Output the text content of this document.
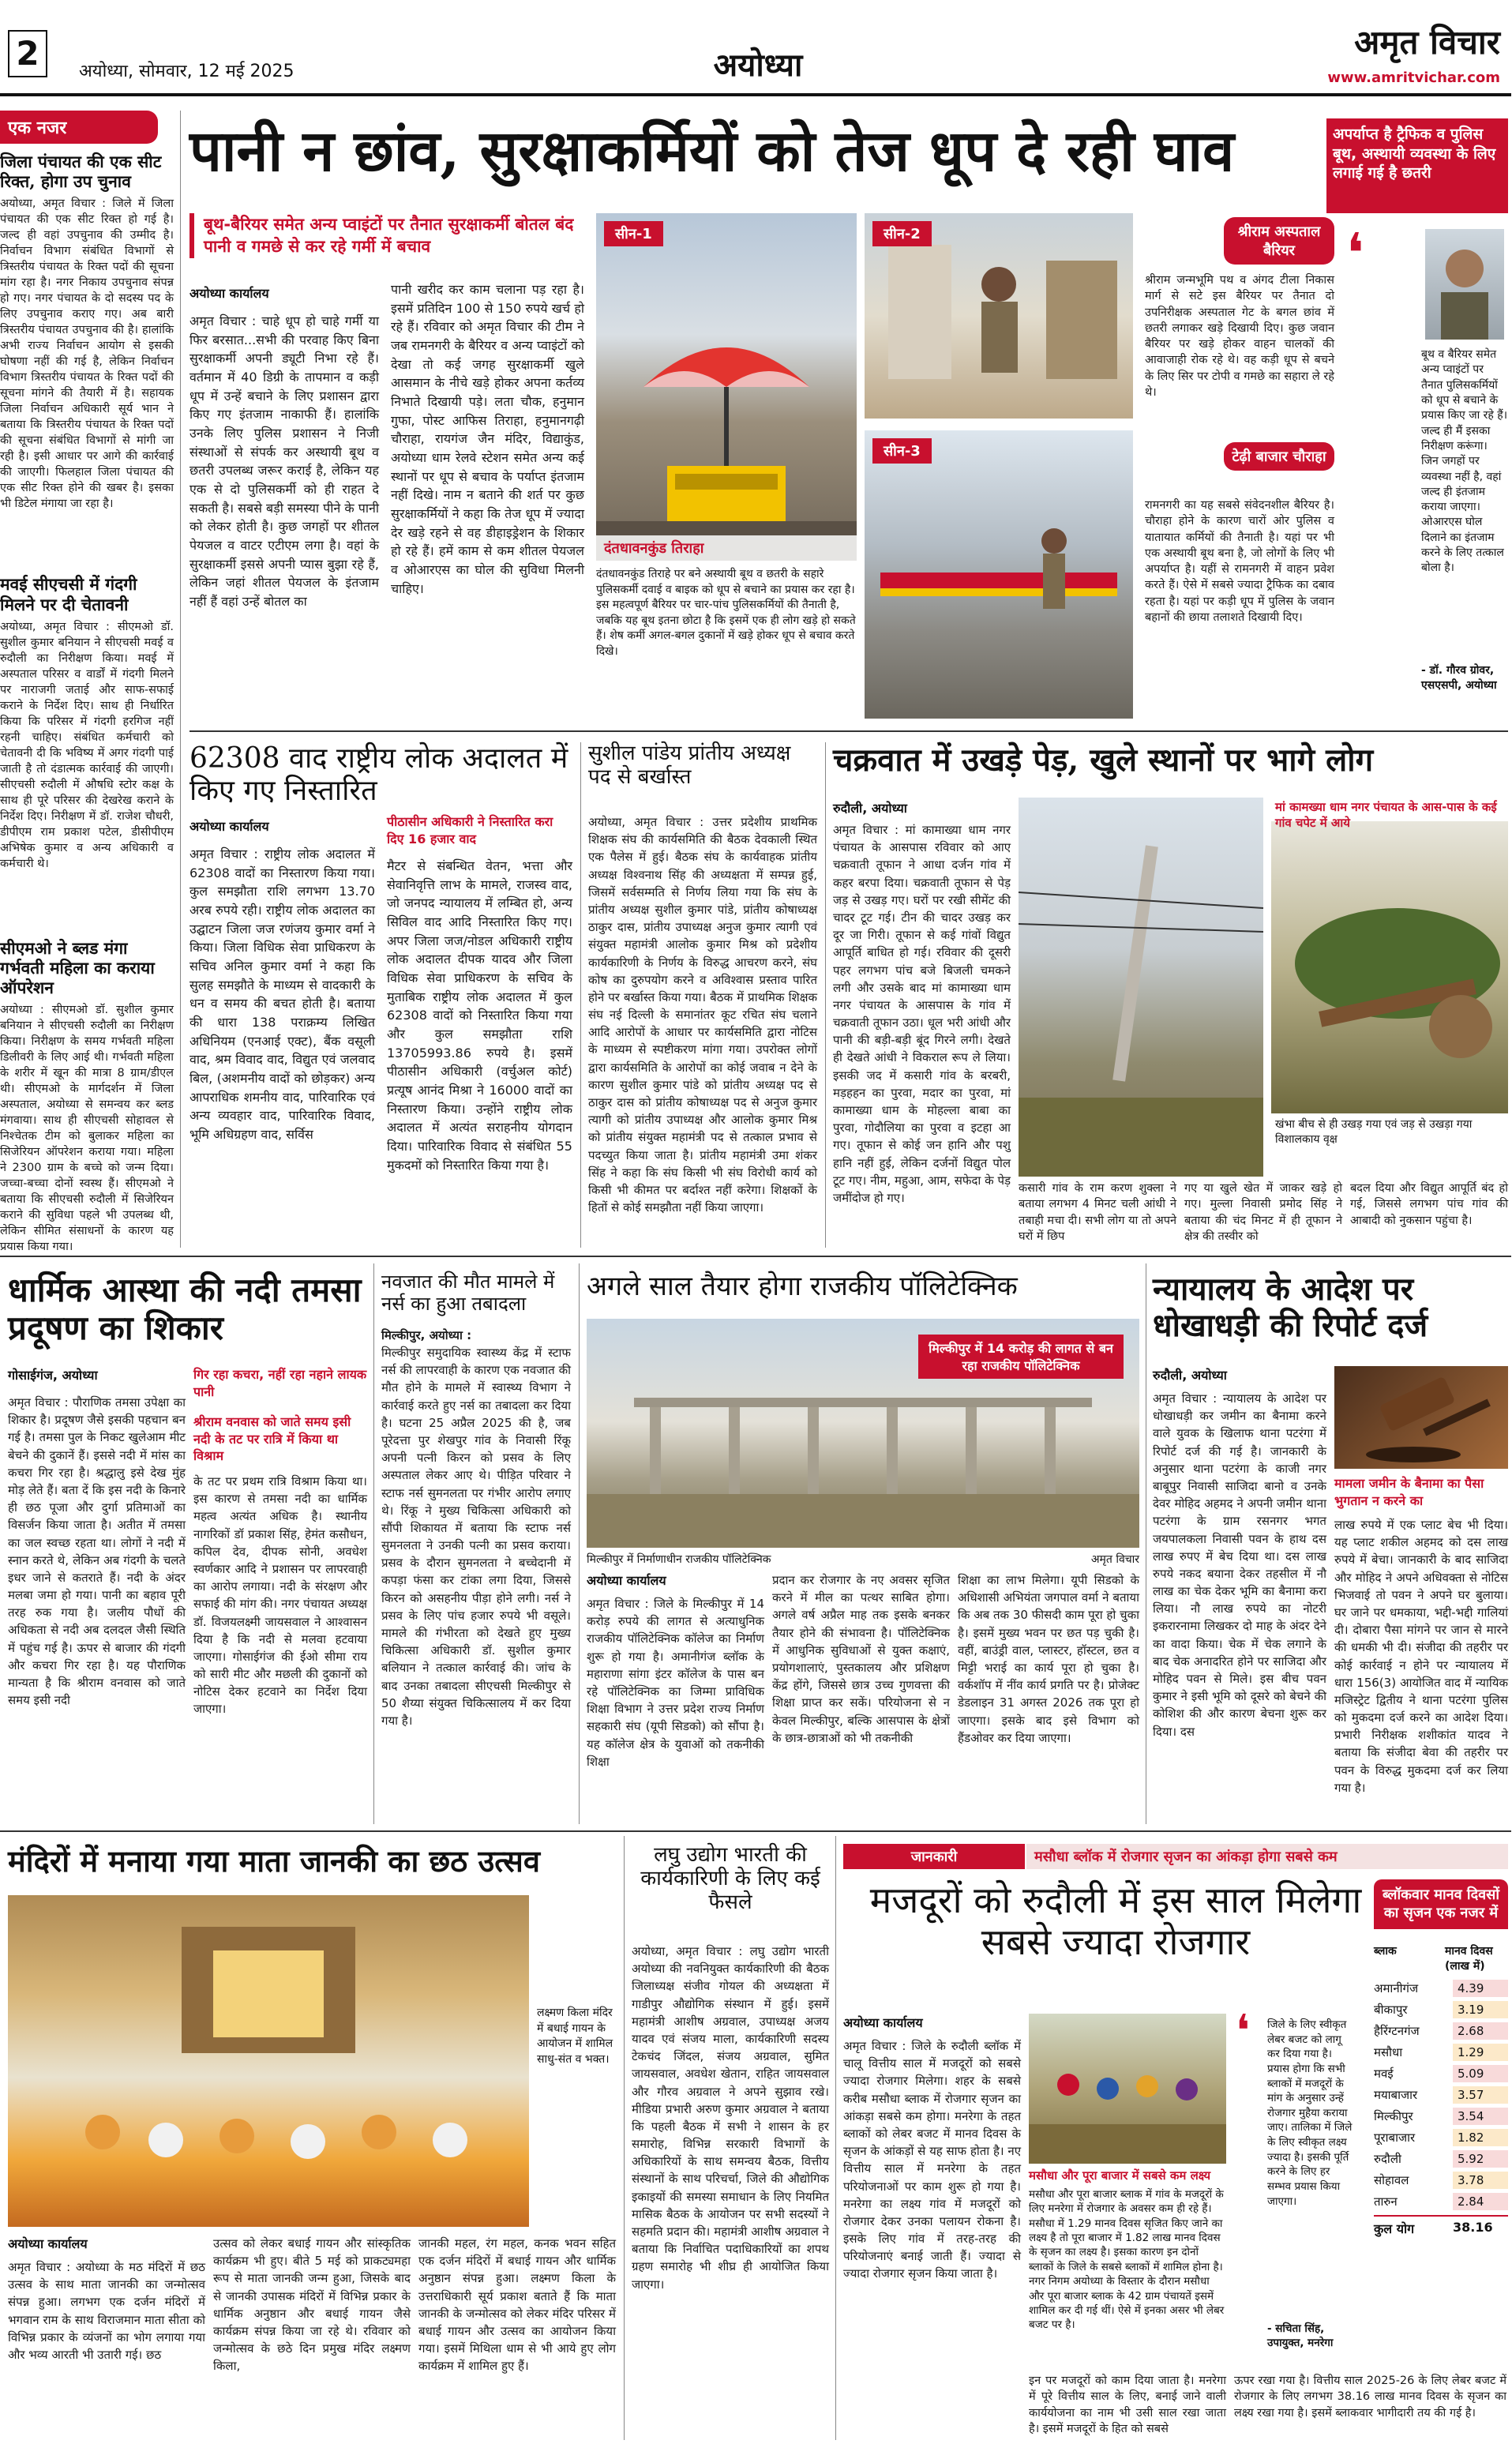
2	अयोध्या, सोमवार, 12 मई 2025	अयोध्या
अमृत विचार
www.amritvichar.com
एक नजर
जिला पंचायत की एक सीट रिक्त, होगा उप चुनाव
अयोध्या, अमृत विचार : जिले में जिला पंचायत की एक सीट रिक्त हो गई है। जल्द ही वहां उपचुनाव की उम्मीद है। निर्वाचन विभाग संबंधित विभागों से त्रिस्तरीय पंचायत के रिक्त पदों की सूचना मांग रहा है। नगर निकाय उपचुनाव संपन्न हो गए। नगर पंचायत के दो सदस्य पद के लिए उपचुनाव कराए गए। अब बारी त्रिस्तरीय पंचायत उपचुनाव की है। हालांकि अभी राज्य निर्वाचन आयोग से इसकी घोषणा नहीं की गई है, लेकिन निर्वाचन विभाग त्रिस्तरीय पंचायत के रिक्त पदों की सूचना मांगने की तैयारी में है। सहायक जिला निर्वाचन अधिकारी सूर्य भान ने बताया कि त्रिस्तरीय पंचायत के रिक्त पदों की सूचना संबंधित विभागों से मांगी जा रही है। इसी आधार पर आगे की कार्रवाई की जाएगी। फिलहाल जिला पंचायत की एक सीट रिक्त होने की खबर है। इसका भी डिटेल मंगाया जा रहा है।
मवई सीएचसी में गंदगी मिलने पर दी चेतावनी
अयोध्या, अमृत विचार : सीएमओ डॉ. सुशील कुमार बनियान ने सीएचसी मवई व रुदौली का निरीक्षण किया। मवई में अस्पताल परिसर व वार्डों में गंदगी मिलने पर नाराजगी जताई और साफ-सफाई कराने के निर्देश दिए। साथ ही निर्धारित किया कि परिसर में गंदगी हरगिज नहीं रहनी चाहिए। संबंधित कर्मचारी को चेतावनी दी कि भविष्य में अगर गंदगी पाई जाती है तो दंडात्मक कार्रवाई की जाएगी। सीएचसी रुदौली में औषधि स्टोर कक्ष के साथ ही पूरे परिसर की देखरेख कराने के निर्देश दिए। निरीक्षण में डॉ. राजेश चौधरी, डीपीएम राम प्रकाश पटेल, डीसीपीएम अभिषेक कुमार व अन्य अधिकारी व कर्मचारी थे।
सीएमओ ने ब्लड मंगा गर्भवती महिला का कराया ऑपरेशन
अयोध्या : सीएमओ डॉ. सुशील कुमार बनियान ने सीएचसी रुदौली का निरीक्षण किया। निरीक्षण के समय गर्भवती महिला डिलीवरी के लिए आई थी। गर्भवती महिला के शरीर में खून की मात्रा 8 ग्राम/डीएल थी। सीएमओ के मार्गदर्शन में जिला अस्पताल, अयोध्या से समन्वय कर ब्लड मंगवाया। साथ ही सीएचसी सोहावल से निश्चेतक टीम को बुलाकर महिला का सिजेरियन ऑपरेशन कराया गया। महिला ने 2300 ग्राम के बच्चे को जन्म दिया। जच्चा-बच्चा दोनों स्वस्थ हैं। सीएमओ ने बताया कि सीएचसी रुदौली में सिजेरियन कराने की सुविधा पहले भी उपलब्ध थी, लेकिन सीमित संसाधनों के कारण यह प्रयास किया गया।
पानी न छांव, सुरक्षाकर्मियों को तेज धूप दे रही घाव	अपर्याप्त है ट्रैफिक व पुलिस बूथ, अस्थायी व्यवस्था के लिए लगाई गई है छतरी
बूथ-बैरियर समेत अन्य प्वाइंटों पर तैनात सुरक्षाकर्मी बोतल बंद पानी व गमछे से कर रहे गर्मी में बचाव
अयोध्या कार्यालय
अमृत विचार : चाहे धूप हो चाहे गर्मी या फिर बरसात...सभी की परवाह किए बिना सुरक्षाकर्मी अपनी ड्यूटी निभा रहे हैं। वर्तमान में 40 डिग्री के तापमान व कड़ी धूप में उन्हें बचाने के लिए प्रशासन द्वारा किए गए इंतजाम नाकाफी हैं। हालांकि उनके लिए पुलिस प्रशासन ने निजी संस्थाओं से संपर्क कर अस्थायी बूथ व छतरी उपलब्ध जरूर कराई है, लेकिन यह एक से दो पुलिसकर्मी को ही राहत दे सकती है। सबसे बड़ी समस्या पीने के पानी को लेकर होती है। कुछ जगहों पर शीतल पेयजल व वाटर एटीएम लगा है। वहां के सुरक्षाकर्मी इससे अपनी प्यास बुझा रहे हैं, लेकिन जहां शीतल पेयजल के इंतजाम नहीं हैं वहां उन्हें बोतल का
पानी खरीद कर काम चलाना पड़ रहा है। इसमें प्रतिदिन 100 से 150 रुपये खर्च हो रहे हैं। रविवार को अमृत विचार की टीम ने जब रामनगरी के बैरियर व अन्य प्वाइंटों को देखा तो कई जगह सुरक्षाकर्मी खुले आसमान के नीचे खड़े होकर अपना कर्तव्य निभाते दिखायी पड़े। लता चौक, हनुमान गुफा, पोस्ट आफिस तिराहा, हनुमानगढ़ी चौराहा, रायगंज जैन मंदिर, विद्याकुंड, अयोध्या धाम रेलवे स्टेशन समेत अन्य कई स्थानों पर धूप से बचाव के पर्याप्त इंतजाम नहीं दिखे। नाम न बताने की शर्त पर कुछ सुरक्षाकर्मियों ने कहा कि तेज धूप में ज्यादा देर खड़े रहने से वह डीहाइड्रेशन के शिकार हो रहे हैं। हमें काम से कम शीतल पेयजल व ओआरएस का घोल की सुविधा मिलनी चाहिए।
सीन-1
दंतधावनकुंड तिराहा
सीन-2
सीन-3
दंतधावनकुंड तिराहे पर बने अस्थायी बूथ व छतरी के सहारे पुलिसकर्मी दवाई व बाइक को धूप से बचाने का प्रयास कर रहा है। इस महत्वपूर्ण बैरियर पर चार-पांच पुलिसकर्मियों की तैनाती है, जबकि यह बूथ इतना छोटा है कि इसमें एक ही लोग खड़े हो सकते हैं। शेष कर्मी अगल-बगल दुकानों में खड़े होकर धूप से बचाव करते दिखे।
श्रीराम अस्पताल बैरियर
श्रीराम जन्मभूमि पथ व अंगद टीला निकास मार्ग से सटे इस बैरियर पर तैनात दो उपनिरीक्षक अस्पताल गेट के बगल छांव में छतरी लगाकर खड़े दिखायी दिए। कुछ जवान बैरियर पर खड़े होकर वाहन चालकों की आवाजाही रोक रहे थे। वह कड़ी धूप से बचने के लिए सिर पर टोपी व गमछे का सहारा ले रहे थे।
टेढ़ी बाजार चौराहा
रामनगरी का यह सबसे संवेदनशील बैरियर है। चौराहा होने के कारण चारों ओर पुलिस व यातायात कर्मियों की तैनाती है। यहां पर भी एक अस्थायी बूथ बना है, जो लोगों के लिए भी अपर्याप्त है। यहीं से रामनगरी में वाहन प्रवेश करते हैं। ऐसे में सबसे ज्यादा ट्रैफिक का दबाव रहता है। यहां पर कड़ी धूप में पुलिस के जवान बहानों की छाया तलाशते दिखायी दिए।
❛
बूथ व बैरियर समेत अन्य प्वाइंटों पर तैनात पुलिसकर्मियों को धूप से बचाने के प्रयास किए जा रहे हैं। जल्द ही मैं इसका निरीक्षण करूंगा। जिन जगहों पर व्यवस्था नहीं है, वहां जल्द ही इंतजाम कराया जाएगा। ओआरएस घोल दिलाने का इंतजाम करने के लिए तत्काल बोला है।
- डॉ. गौरव ग्रोवर, एसएसपी, अयोध्या
62308 वाद राष्ट्रीय लोक अदालत में किए गए निस्तारित
अयोध्या कार्यालय	पीठासीन अधिकारी ने निस्तारित करा दिए 16 हजार वाद
अमृत विचार : राष्ट्रीय लोक अदालत में 62308 वादों का निस्तारण किया गया। कुल समझौता राशि लगभग 13.70 अरब रुपये रही। राष्ट्रीय लोक अदालत का उद्घाटन जिला जज रणंजय कुमार वर्मा ने किया। जिला विधिक सेवा प्राधिकरण के सचिव अनिल कुमार वर्मा ने कहा कि सुलह समझौते के माध्यम से वादकारी के धन व समय की बचत होती है। बताया की धारा 138 पराक्रम्य लिखित अधिनियम (एनआई एक्ट), बैंक वसूली वाद, श्रम विवाद वाद, विद्युत एवं जलवाद बिल, (अशमनीय वादों को छोड़कर) अन्य आपराधिक शमनीय वाद, पारिवारिक एवं अन्य व्यवहार वाद, पारिवारिक विवाद, भूमि अधिग्रहण वाद, सर्विस
मैटर से संबन्धित वेतन, भत्ता और सेवानिवृत्ति लाभ के मामले, राजस्व वाद, जो जनपद न्यायालय में लम्बित हो, अन्य सिविल वाद आदि निस्तारित किए गए। अपर जिला जज/नोडल अधिकारी राष्ट्रीय लोक अदालत दीपक यादव और जिला विधिक सेवा प्राधिकरण के सचिव के मुताबिक राष्ट्रीय लोक अदालत में कुल 62308 वादों को निस्तारित किया गया और कुल समझौता राशि 13705993.86 रुपये है। इसमें पीठासीन अधिकारी (वर्चुअल कोर्ट) प्रत्यूष आनंद मिश्रा ने 16000 वादों का निस्तारण किया। उन्होंने राष्ट्रीय लोक अदालत में अत्यंत सराहनीय योगदान दिया। पारिवारिक विवाद से संबंधित 55 मुकदमों को निस्तारित किया गया है।
सुशील पांडेय प्रांतीय अध्यक्ष पद से बर्खास्त
अयोध्या, अमृत विचार : उत्तर प्रदेशीय प्राथमिक शिक्षक संघ की कार्यसमिति की बैठक देवकाली स्थित एक पैलेस में हुई। बैठक संघ के कार्यवाहक प्रांतीय अध्यक्ष विश्वनाथ सिंह की अध्यक्षता में सम्पन्न हुई, जिसमें सर्वसम्मति से निर्णय लिया गया कि संघ के प्रांतीय अध्यक्ष सुशील कुमार पांडे, प्रांतीय कोषाध्यक्ष ठाकुर दास, प्रांतीय उपाध्यक्ष अनुज कुमार त्यागी एवं संयुक्त महामंत्री आलोक कुमार मिश्र को प्रदेशीय कार्यकारिणी के निर्णय के विरुद्ध आचरण करने, संघ कोष का दुरुपयोग करने व अविश्वास प्रस्ताव पारित होने पर बर्खास्त किया गया। बैठक में प्राथमिक शिक्षक संघ नई दिल्ली के समानांतर कूट रचित संघ चलाने आदि आरोपों के आधार पर कार्यसमिति द्वारा नोटिस के माध्यम से स्पष्टीकरण मांगा गया। उपरोक्त लोगों द्वारा कार्यसमिति के आरोपों का कोई जवाब न देने के कारण सुशील कुमार पांडे को प्रांतीय अध्यक्ष पद से ठाकुर दास को प्रांतीय कोषाध्यक्ष पद से अनुज कुमार त्यागी को प्रांतीय उपाध्यक्ष और आलोक कुमार मिश्र को प्रांतीय संयुक्त महामंत्री पद से तत्काल प्रभाव से पदच्युत किया जाता है। प्रांतीय महामंत्री उमा शंकर सिंह ने कहा कि संघ किसी भी संघ विरोधी कार्य को किसी भी कीमत पर बर्दाश्त नहीं करेगा। शिक्षकों के हितों से कोई समझौता नहीं किया जाएगा।
चक्रवात में उखड़े पेड़, खुले स्थानों पर भागे लोग
रुदौली, अयोध्या
अमृत विचार : मां कामाख्या धाम नगर पंचायत के आसपास रविवार को आए चक्रवाती तूफान ने आधा दर्जन गांव में कहर बरपा दिया। चक्रवाती तूफान से पेड़ जड़ से उखड़ गए। घरों पर रखी सीमेंट की चादर टूट गई। टीन की चादर उखड़ कर दूर जा गिरी। तूफान से कई गांवों विद्युत आपूर्ति बाधित हो गई। रविवार की दूसरी पहर लगभग पांच बजे बिजली चमकने लगी और उसके बाद मां कामाख्या धाम नगर पंचायत के आसपास के गांव में चक्रवाती तूफान उठा। धूल भरी आंधी और पानी की बड़ी-बड़ी बूंद गिरने लगी। देखते ही देखते आंधी ने विकराल रूप ले लिया। इसकी जद में कसारी गांव के बरबरी, मड़हहन का पुरवा, मदार का पुरवा, मां कामाख्या धाम के मोहल्ला बाबा का पुरवा, गोदौलिया का पुरवा व इटहा आ गए। तूफान से कोई जन हानि और पशु हानि नहीं हुई, लेकिन दर्जनों विद्युत पोल टूट गए। नीम, महुआ, आम, सफेदा के पेड़ जमींदोज हो गए।
मां कामख्या धाम नगर पंचायत के आस-पास के कई गांव चपेट में आये
खंभा बीच से ही उखड़ गया एवं जड़ से उखड़ा गया विशालकाय वृक्ष
कसारी गांव के राम करण शुक्ला ने बताया लगभग 4 मिनट चली आंधी ने तबाही मचा दी। सभी लोग या तो अपने घरों में छिप
गए या खुले खेत में जाकर खड़े हो गए। मुल्ला निवासी प्रमोद सिंह ने बताया की चंद मिनट में ही तूफान ने क्षेत्र की तस्वीर को
बदल दिया और विद्युत आपूर्ति बंद हो गई, जिससे लगभग पांच गांव की आबादी को नुकसान पहुंचा है।
धार्मिक आस्था की नदी तमसा प्रदूषण का शिकार
गोसाईगंज, अयोध्या	गिर रहा कचरा, नहीं रहा नहाने लायक पानी
श्रीराम वनवास को जाते समय इसी नदी के तट पर रात्रि में किया था विश्राम
अमृत विचार : पौराणिक तमसा उपेक्षा का शिकार है। प्रदूषण जैसे इसकी पहचान बन गई है। तमसा पुल के निकट खुलेआम मीट बेचने की दुकानें हैं। इससे नदी में मांस का कचरा गिर रहा है। श्रद्धालु इसे देख मुंह मोड़ लेते हैं। बता दें कि इस नदी के किनारे ही छठ पूजा और दुर्गा प्रतिमाओं का विसर्जन किया जाता है। अतीत में तमसा का जल स्वच्छ रहता था। लोगों ने नदी में स्नान करते थे, लेकिन अब गंदगी के चलते इधर जाने से कतराते हैं। नदी के अंदर मलबा जमा हो गया। पानी का बहाव पूरी तरह रुक गया है। जलीय पौधों की अधिकता से नदी अब दलदल जैसी स्थिति में पहुंच गई है। ऊपर से बाजार की गंदगी और कचरा गिर रहा है। यह पौराणिक मान्यता है कि श्रीराम वनवास को जाते समय इसी नदी
के तट पर प्रथम रात्रि विश्राम किया था। इस कारण से तमसा नदी का धार्मिक महत्व अत्यंत अधिक है। स्थानीय नागरिकों डॉ प्रकाश सिंह, हेमंत कसौधन, कपिल देव, दीपक सोनी, अवधेश स्वर्णकार आदि ने प्रशासन पर लापरवाही का आरोप लगाया। नदी के संरक्षण और सफाई की मांग की। नगर पंचायत अध्यक्ष डॉ. विजयलक्ष्मी जायसवाल ने आश्वासन दिया है कि नदी से मलवा हटवाया जाएगा। गोसाईगंज की ईओ सीमा राय को सारी मीट और मछली की दुकानों को नोटिस देकर हटवाने का निर्देश दिया जाएगा।
नवजात की मौत मामले में नर्स का हुआ तबादला
मिल्कीपुर, अयोध्या :
मिल्कीपुर समुदायिक स्वास्थ्य केंद्र में स्टाफ नर्स की लापरवाही के कारण एक नवजात की मौत होने के मामले में स्वास्थ्य विभाग ने कार्रवाई करते हुए नर्स का तबादला कर दिया है। घटना 25 अप्रैल 2025 की है, जब पूरेदत्ता पुर शेखपुर गांव के निवासी रिंकू अपनी पत्नी किरन को प्रसव के लिए अस्पताल लेकर आए थे। पीड़ित परिवार ने स्टाफ नर्स सुमनलता पर गंभीर आरोप लगाए थे। रिंकू ने मुख्य चिकित्सा अधिकारी को सौंपी शिकायत में बताया कि स्टाफ नर्स सुमनलता ने उनकी पत्नी का प्रसव कराया। प्रसव के दौरान सुमनलता ने बच्चेदानी में कपड़ा फंसा कर टांका लगा दिया, जिससे किरन को असहनीय पीड़ा होने लगी। नर्स ने प्रसव के लिए पांच हजार रुपये भी वसूले। मामले की गंभीरता को देखते हुए मुख्य चिकित्सा अधिकारी डॉ. सुशील कुमार बलियान ने तत्काल कार्रवाई की। जांच के बाद उनका तबादला सीएचसी मिल्कीपुर से 50 शैय्या संयुक्त चिकित्सालय में कर दिया गया है।
अगले साल तैयार होगा राजकीय पॉलिटेक्निक
मिल्कीपुर में 14 करोड़ की लागत से बन रहा राजकीय पॉलिटेक्निक
मिल्कीपुर में निर्माणाधीन राजकीय पॉलिटेक्निक	अमृत विचार
अयोध्या कार्यालय
अमृत विचार : जिले के मिल्कीपुर में 14 करोड़ रुपये की लागत से अत्याधुनिक राजकीय पॉलिटेक्निक कॉलेज का निर्माण शुरू हो गया है। अमानीगंज ब्लॉक के महाराणा सांगा इंटर कॉलेज के पास बन रहे पॉलिटेक्निक का जिम्मा प्राविधिक शिक्षा विभाग ने उत्तर प्रदेश राज्य निर्माण सहकारी संघ (यूपी सिडको) को सौंपा है। यह कॉलेज क्षेत्र के युवाओं को तकनीकी शिक्षा
प्रदान कर रोजगार के नए अवसर सृजित करने में मील का पत्थर साबित होगा। अगले वर्ष अप्रैल माह तक इसके बनकर तैयार होने की संभावना है। पॉलिटेक्निक में आधुनिक सुविधाओं से युक्त कक्षाएं, प्रयोगशालाएं, पुस्तकालय और प्रशिक्षण केंद्र होंगे, जिससे छात्र उच्च गुणवत्ता की शिक्षा प्राप्त कर सकें। परियोजना से न केवल मिल्कीपुर, बल्कि आसपास के क्षेत्रों के छात्र-छात्राओं को भी तकनीकी
शिक्षा का लाभ मिलेगा। यूपी सिडको के अधिशासी अभियंता जगपाल वर्मा ने बताया कि अब तक 30 फीसदी काम पूरा हो चुका है। इसमें मुख्य भवन पर छत पड़ चुकी है। वहीं, बाउंड्री वाल, प्लास्टर, हॉस्टल, छत व मिट्टी भराई का कार्य पूरा हो चुका है। वर्कशॉप में नींव कार्य प्रगति पर है। प्रोजेक्ट डेडलाइन 31 अगस्त 2026 तक पूरा हो जाएगा। इसके बाद इसे विभाग को हैंडओवर कर दिया जाएगा।
न्यायालय के आदेश पर धोखाधड़ी की रिपोर्ट दर्ज
रुदौली, अयोध्या
मामला जमीन के बैनामा का पैसा भुगतान न करने का
अमृत विचार : न्यायालय के आदेश पर धोखाधड़ी कर जमीन का बैनामा करने वाले युवक के खिलाफ थाना पटरंगा में रिपोर्ट दर्ज की गई है। जानकारी के अनुसार थाना पटरंगा के काजी नगर बाबूपुर निवासी साजिदा बानो व उनके देवर मोहिद अहमद ने अपनी जमीन थाना पटरंगा के ग्राम रसनगर भगत जयपालकला निवासी पवन के हाथ दस लाख रुपए में बेच दिया था। दस लाख रुपये नकद बयाना देकर तहसील में नौ लाख का चेक देकर भूमि का बैनामा करा लिया। नौ लाख रुपये का नोटरी इकरारनामा लिखकर दो माह के अंदर देने का वादा किया। चेक में चेक लगाने के बाद चेक अनादरित होने पर साजिदा और मोहिद पवन से मिले। इस बीच पवन कुमार ने इसी भूमि को दूसरे को बेचने की कोशिश की और कारण बेचना शुरू कर दिया। दस
लाख रुपये में एक प्लाट बेच भी दिया। यह प्लाट शकील अहमद को दस लाख रुपये में बेचा। जानकारी के बाद साजिदा और मोहिद ने अपने अधिवक्ता से नोटिस भिजवाई तो पवन ने अपने घर बुलाया। घर जाने पर धमकाया, भद्दी-भद्दी गालियां दी। दोबारा पैसा मांगने पर जान से मारने की धमकी भी दी। संजीदा की तहरीर पर कोई कार्रवाई न होने पर न्यायालय में धारा 156(3) आयोजित वाद में न्यायिक मजिस्ट्रेट द्वितीय ने थाना पटरंगा पुलिस को मुकदमा दर्ज करने का आदेश दिया। प्रभारी निरीक्षक शशीकांत यादव ने बताया कि संजीदा बेवा की तहरीर पर पवन के विरुद्ध मुकदमा दर्ज कर लिया गया है।
मंदिरों में मनाया गया माता जानकी का छठ उत्सव
लक्ष्मण किला मंदिर में बधाई गायन के आयोजन में शामिल साधु-संत व भक्त।
अयोध्या कार्यालय
अमृत विचार : अयोध्या के मठ मंदिरों में छठ उत्सव के साथ माता जानकी का जन्मोत्सव संपन्न हुआ। लगभग एक दर्जन मंदिरों में भगवान राम के साथ विराजमान माता सीता को विभिन्न प्रकार के व्यंजनों का भोग लगाया गया और भव्य आरती भी उतारी गई। छठ
उत्सव को लेकर बधाई गायन और सांस्कृतिक कार्यक्रम भी हुए। बीते 5 मई को प्राकट्यमहा रूप से माता जानकी जन्म हुआ, जिसके बाद से जानकी उपासक मंदिरों में विभिन्न प्रकार के धार्मिक अनुष्ठान और बधाई गायन जैसे कार्यक्रम संपन्न किया जा रहे थे। रविवार को जन्मोत्सव के छठे दिन प्रमुख मंदिर लक्ष्मण किला,
जानकी महल, रंग महल, कनक भवन सहित एक दर्जन मंदिरों में बधाई गायन और धार्मिक अनुष्ठान संपन्न हुआ। लक्ष्मण किला के उत्तराधिकारी सूर्य प्रकाश बताते हैं कि माता जानकी के जन्मोत्सव को लेकर मंदिर परिसर में बधाई गायन और उत्सव का आयोजन किया गया। इसमें मिथिला धाम से भी आये हुए लोग कार्यक्रम में शामिल हुए हैं।
लघु उद्योग भारती की कार्यकारिणी के लिए कई फैसले
अयोध्या, अमृत विचार : लघु उद्योग भारती अयोध्या की नवनियुक्त कार्यकारिणी की बैठक जिलाध्यक्ष संजीव गोयल की अध्यक्षता में गाडीपुर औद्योगिक संस्थान में हुई। इसमें महामंत्री आशीष अग्रवाल, उपाध्यक्ष अजय यादव एवं संजय माला, कार्यकारिणी सदस्य टेकचंद जिंदल, संजय अग्रवाल, सुमित जायसवाल, अवधेश खेतान, राहित जायसवाल और गौरव अग्रवाल ने अपने सुझाव रखे। मीडिया प्रभारी अरुण कुमार अग्रवाल ने बताया कि पहली बैठक में सभी ने शासन के हर समारोह, विभिन्न सरकारी विभागों के अधिकारियों के साथ समन्वय बैठक, वित्तीय संस्थानों के साथ परिचर्चा, जिले की औद्योगिक इकाइयों की समस्या समाधान के लिए नियमित मासिक बैठक के आयोजन पर सभी सदस्यों ने सहमति प्रदान की। महामंत्री आशीष अग्रवाल ने बताया कि निर्वाचित पदाधिकारियों का शपथ ग्रहण समारोह भी शीघ्र ही आयोजित किया जाएगा।
जानकारी	मसौधा ब्लॉक में रोजगार सृजन का आंकड़ा होगा सबसे कम
मजदूरों को रुदौली में इस साल मिलेगा सबसे ज्यादा रोजगार
अयोध्या कार्यालय
अमृत विचार : जिले के रुदौली ब्लॉक में चालू वित्तीय साल में मजदूरों को सबसे ज्यादा रोजगार मिलेगा। शहर के सबसे करीब मसौधा ब्लाक में रोजगार सृजन का आंकड़ा सबसे कम होगा। मनरेगा के तहत ब्लाकों को लेबर बजट में मानव दिवस के सृजन के आंकड़ों से यह साफ होता है। नए वित्तीय साल में मनरेगा के तहत परियोजनाओं पर काम शुरू हो गया है। मनरेगा का लक्ष्य गांव में मजदूरों को रोजगार देकर उनका पलायन रोकना है। इसके लिए गांव में तरह-तरह की परियोजनाएं बनाई जाती हैं। ज्यादा से ज्यादा रोजगार सृजन किया जाता है।
मसौधा और पूरा बाजार में सबसे कम लक्ष्य
मसौधा और पूरा बाजार ब्लाक में गांव के मजदूरों के लिए मनरेगा में रोजगार के अवसर कम ही रहे हैं। मसौधा में 1.29 मानव दिवस सृजित किए जाने का लक्ष्य है तो पूरा बाजार में 1.82 लाख मानव दिवस के सृजन का लक्ष्य है। इसका कारण इन दोनों ब्लाकों के जिले के सबसे ब्लाकों में शामिल होना है। नगर निगम अयोध्या के विस्तार के दौरान मसौधा और पूरा बाजार ब्लाक के 42 ग्राम पंचायतें इसमें शामिल कर दी गई थीं। ऐसे में इनका असर भी लेबर बजट पर है।
इन पर मजदूरों को काम दिया जाता है। मनरेगा में पूरे वित्तीय साल के लिए, बनाई जाने वाली कार्ययोजना का नाम भी उसी साल रखा जाता है। इसमें मजदूरों के हित को सबसे
ऊपर रखा गया है। वित्तीय साल 2025-26 के लिए लेबर बजट में रोजगार के लिए लगभग 38.16 लाख मानव दिवस के सृजन का लक्ष्य रखा गया है। इसमें ब्लाकवार भागीदारी तय की गई है।
❛ जिले के लिए स्वीकृत लेबर बजट को लागू कर दिया गया है। प्रयास होगा कि सभी ब्लाकों में मजदूरों के मांग के अनुसार उन्हें रोजगार मुहैया कराया जाए। तालिका में जिले के लिए स्वीकृत लक्ष्य ज्यादा है। इसकी पूर्ति करने के लिए हर सम्भव प्रयास किया जाएगा।
- सचिता सिंह, उपायुक्त, मनरेगा
ब्लॉकवार मानव दिवसों का सृजन एक नजर में
ब्लाक	मानव दिवस (लाख में)
अमानीगंज	4.39
बीकापुर	3.19
हैरिंग्टनगंज	2.68
मसौधा	1.29
मवई	5.09
मयाबाजार	3.57
मिल्कीपुर	3.54
पूराबाजार	1.82
रुदौली	5.92
सोहावल	3.78
तारुन	2.84
कुल योग	38.16
